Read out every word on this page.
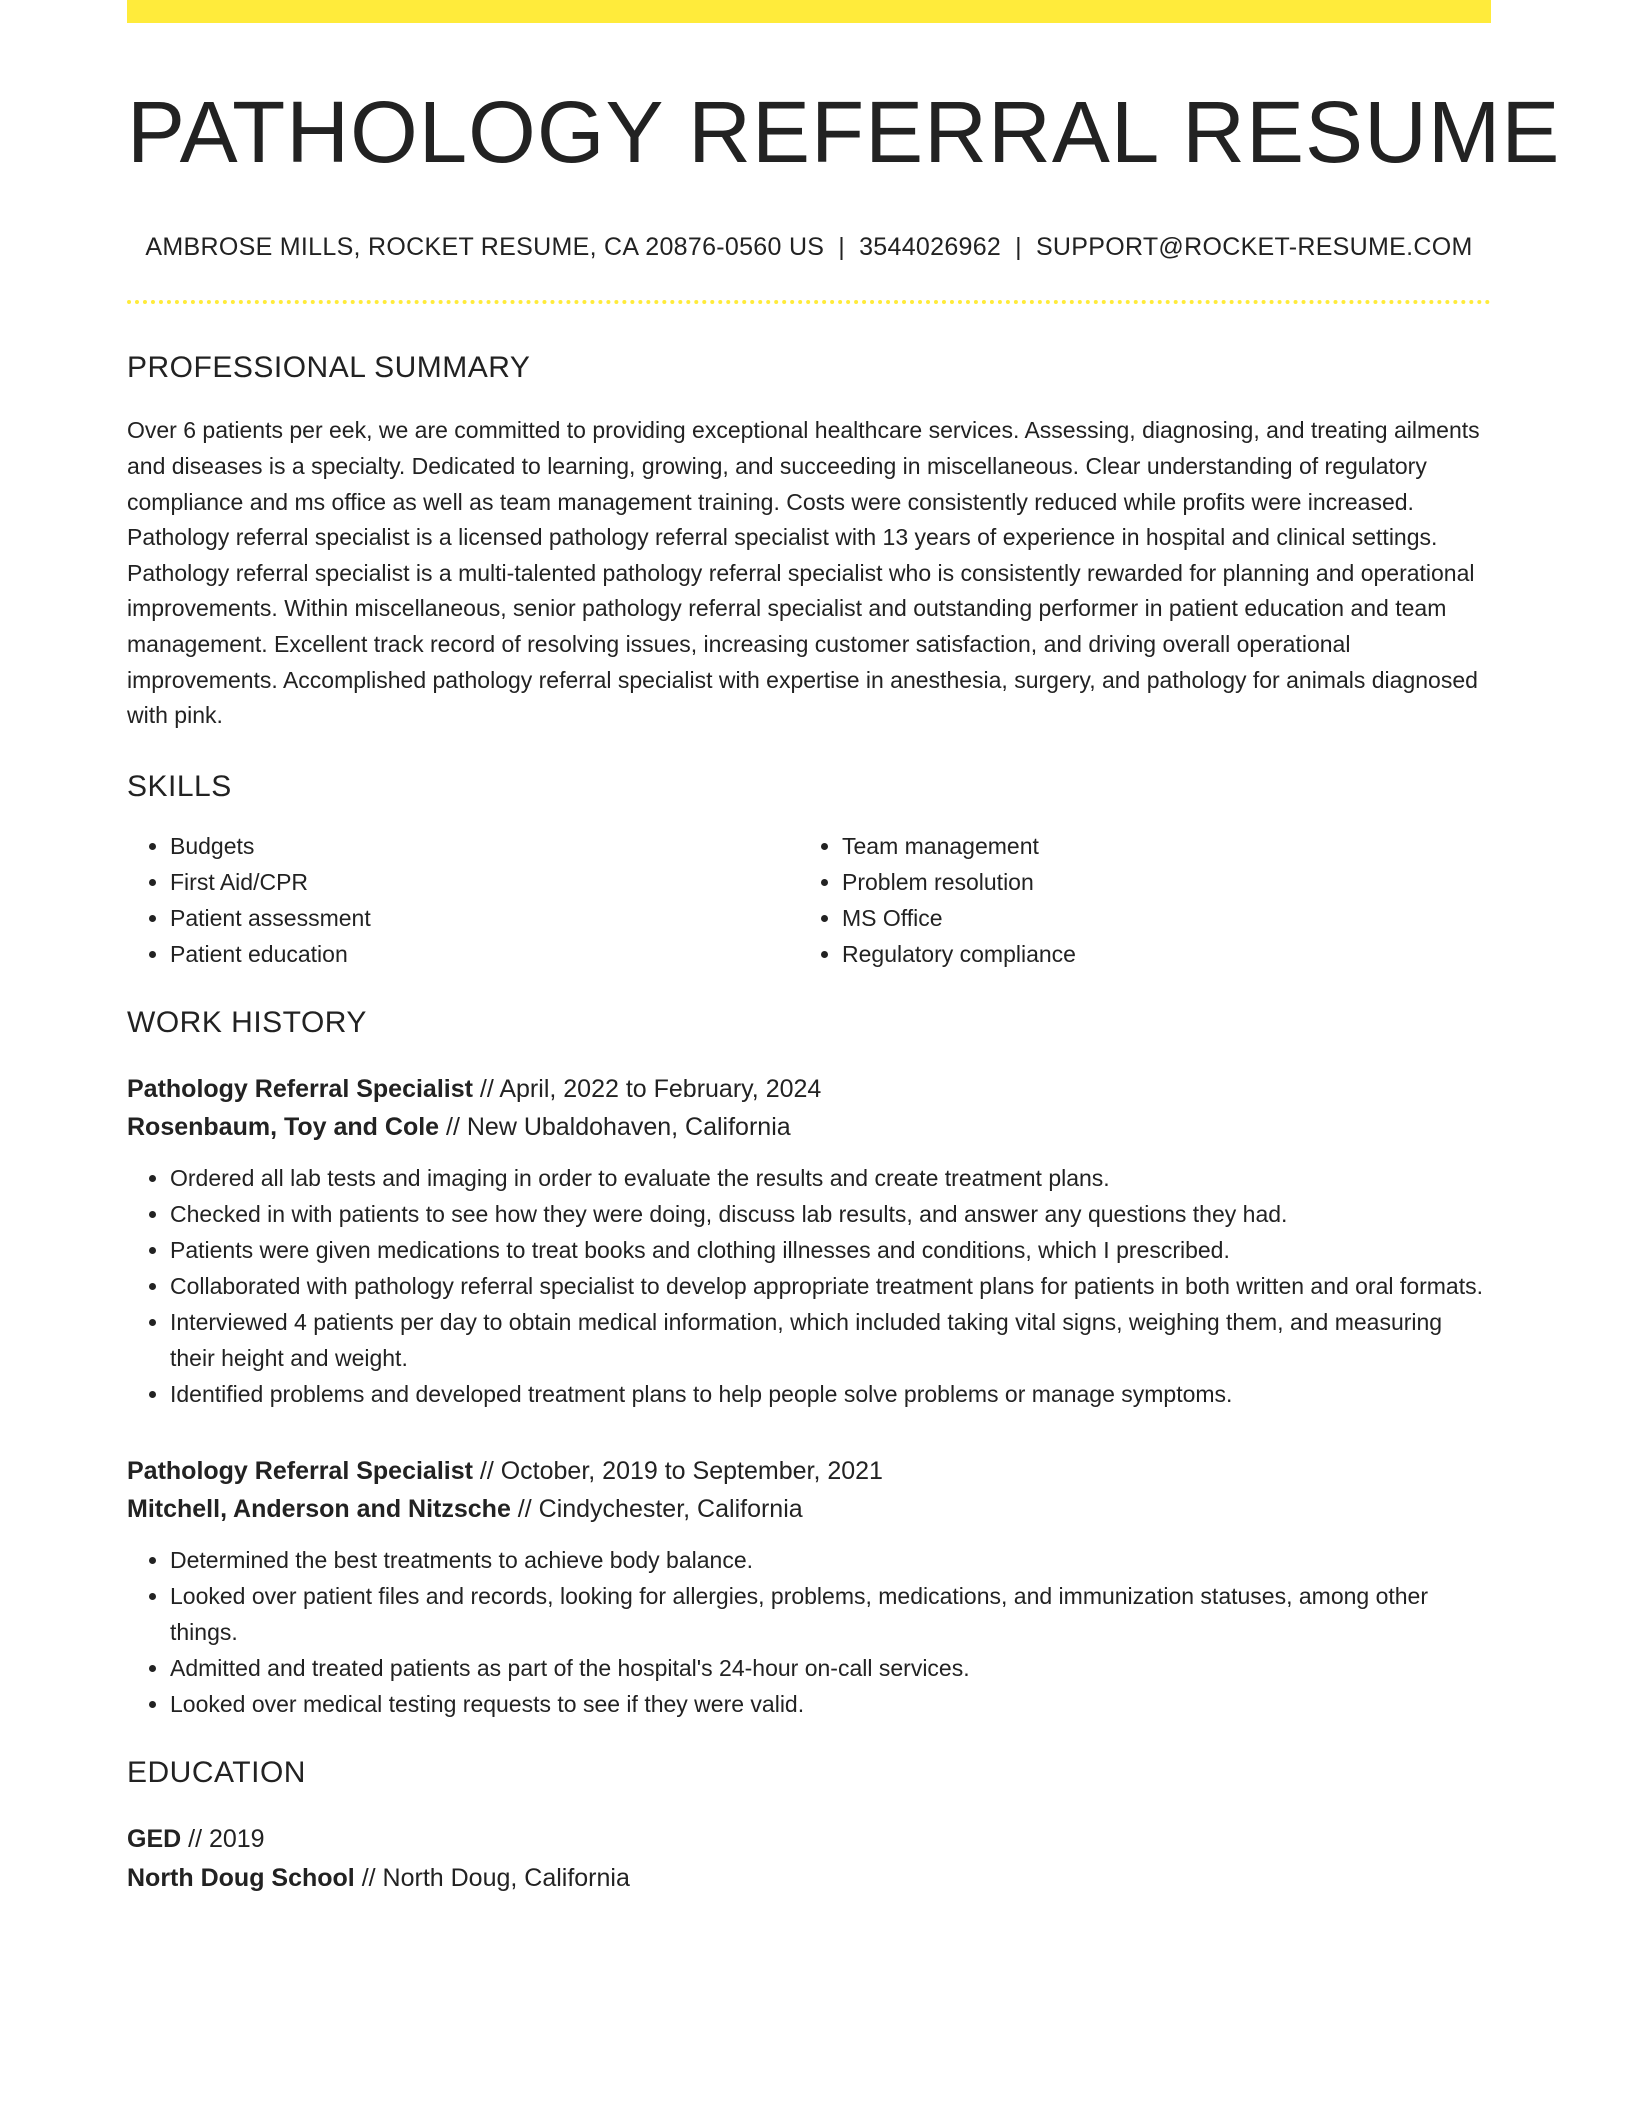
PATHOLOGY REFERRAL RESUME
AMBROSE MILLS, ROCKET RESUME, CA 20876-0560 US | 3544026962 | SUPPORT@ROCKET-RESUME.COM
PROFESSIONAL SUMMARY

Over 6 patients per eek, we are committed to providing exceptional healthcare services. Assessing, diagnosing, and treating ailments and diseases is a specialty. Dedicated to learning, growing, and succeeding in miscellaneous. Clear understanding of regulatory compliance and ms office as well as team management training. Costs were consistently reduced while profits were increased. Pathology referral specialist is a licensed pathology referral specialist with 13 years of experience in hospital and clinical settings. Pathology referral specialist is a multi-talented pathology referral specialist who is consistently rewarded for planning and operational improvements. Within miscellaneous, senior pathology referral specialist and outstanding performer in patient education and team management. Excellent track record of resolving issues, increasing customer satisfaction, and driving overall operational improvements. Accomplished pathology referral specialist with expertise in anesthesia, surgery, and pathology for animals diagnosed with pink.

SKILLS
• Budgets
• First Aid/CPR
• Patient assessment
• Patient education
• Team management
• Problem resolution
• MS Office
• Regulatory compliance
WORK HISTORY
Pathology Referral Specialist // April, 2022 to February, 2024
Rosenbaum, Toy and Cole // New Ubaldohaven, California
• Ordered all lab tests and imaging in order to evaluate the results and create treatment plans.
• Checked in with patients to see how they were doing, discuss lab results, and answer any questions they had.
• Patients were given medications to treat books and clothing illnesses and conditions, which I prescribed.
• Collaborated with pathology referral specialist to develop appropriate treatment plans for patients in both written and oral formats.
• Interviewed 4 patients per day to obtain medical information, which included taking vital signs, weighing them, and measuring their height and weight.
• Identified problems and developed treatment plans to help people solve problems or manage symptoms.
Pathology Referral Specialist // October, 2019 to September, 2021
Mitchell, Anderson and Nitzsche // Cindychester, California
• Determined the best treatments to achieve body balance.
• Looked over patient files and records, looking for allergies, problems, medications, and immunization statuses, among other things.
• Admitted and treated patients as part of the hospital's 24-hour on-call services.
• Looked over medical testing requests to see if they were valid.
EDUCATION
GED // 2019
North Doug School // North Doug, California
